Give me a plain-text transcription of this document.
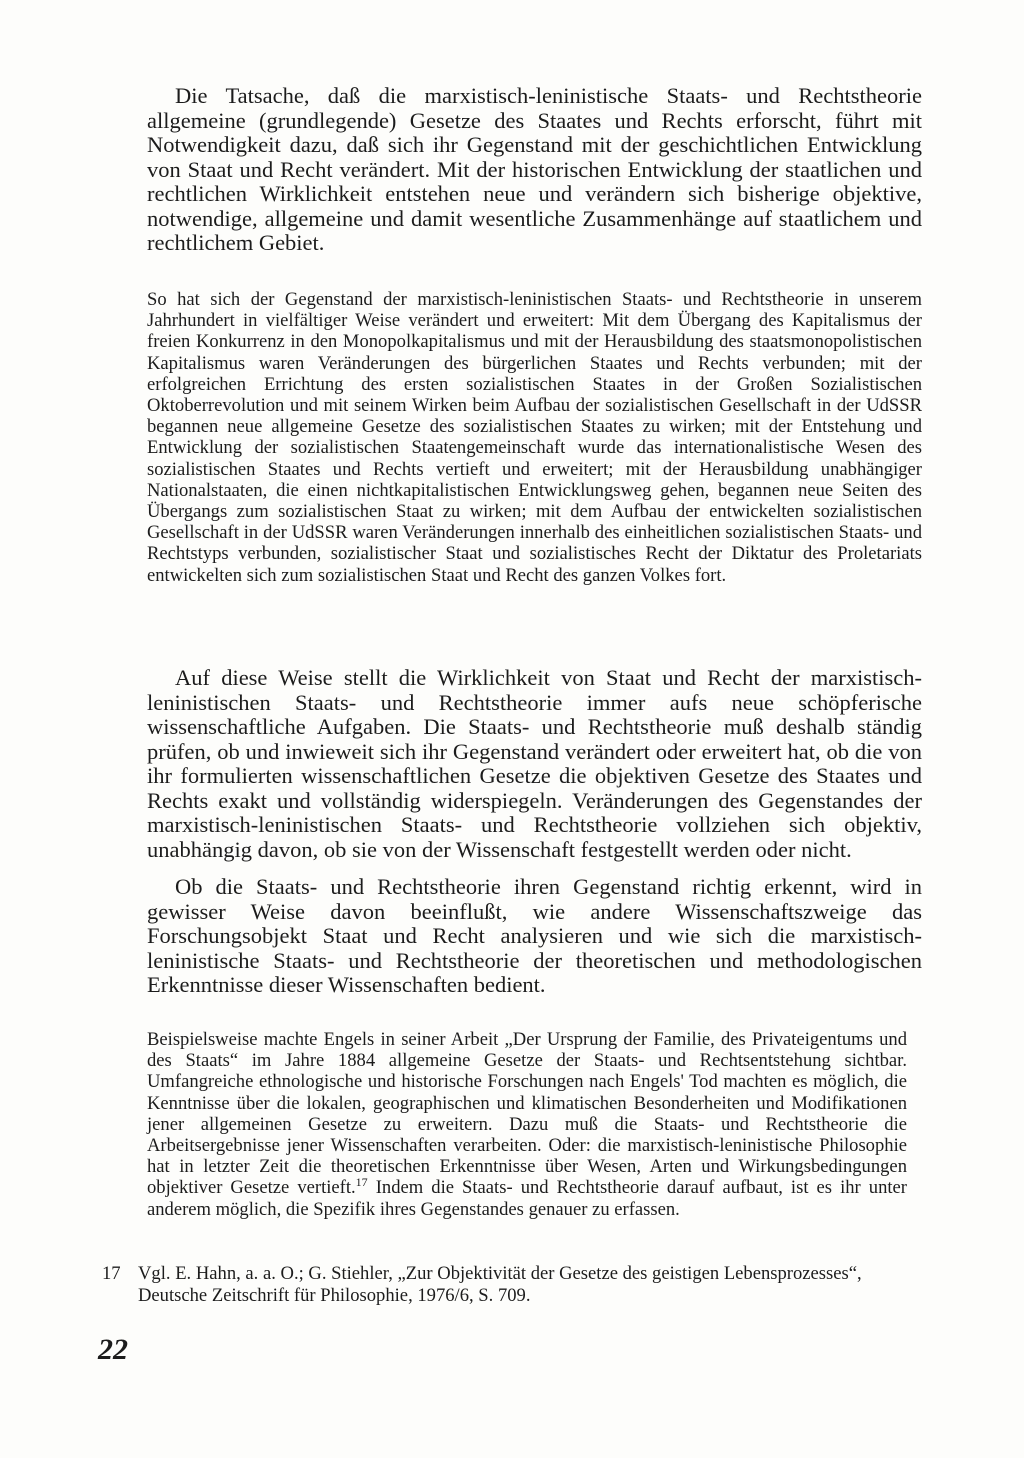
Die Tatsache, daß die marxistisch-leninistische Staats- und Rechtstheorie allgemeine (grundlegende) Gesetze des Staates und Rechts erforscht, führt mit Notwendigkeit dazu, daß sich ihr Gegenstand mit der geschichtlichen Entwicklung von Staat und Recht verändert. Mit der historischen Entwicklung der staatlichen und rechtlichen Wirklichkeit entstehen neue und verändern sich bisherige objektive, notwendige, allgemeine und damit wesentliche Zusammenhänge auf staatlichem und rechtlichem Gebiet.

So hat sich der Gegenstand der marxistisch-leninistischen Staats- und Rechtstheorie in unserem Jahrhundert in vielfältiger Weise verändert und erweitert: Mit dem Übergang des Kapitalismus der freien Konkurrenz in den Monopolkapitalismus und mit der Herausbildung des staatsmonopolistischen Kapitalismus waren Veränderungen des bürgerlichen Staates und Rechts verbunden; mit der erfolgreichen Errichtung des ersten sozialistischen Staates in der Großen Sozialistischen Oktoberrevolution und mit seinem Wirken beim Aufbau der sozialistischen Gesellschaft in der UdSSR begannen neue allgemeine Gesetze des sozialistischen Staates zu wirken; mit der Entstehung und Entwicklung der sozialistischen Staatengemeinschaft wurde das internationalistische Wesen des sozialistischen Staates und Rechts vertieft und erweitert; mit der Herausbildung unabhängiger Nationalstaaten, die einen nichtkapitalistischen Entwicklungsweg gehen, begannen neue Seiten des Übergangs zum sozialistischen Staat zu wirken; mit dem Aufbau der entwickelten sozialistischen Gesellschaft in der UdSSR waren Veränderungen innerhalb des einheitlichen sozialistischen Staats- und Rechtstyps verbunden, sozialistischer Staat und sozialistisches Recht der Diktatur des Proletariats entwickelten sich zum sozialistischen Staat und Recht des ganzen Volkes fort.

Auf diese Weise stellt die Wirklichkeit von Staat und Recht der marxistisch-leninistischen Staats- und Rechtstheorie immer aufs neue schöpferische wissenschaftliche Aufgaben. Die Staats- und Rechtstheorie muß deshalb ständig prüfen, ob und inwieweit sich ihr Gegenstand verändert oder erweitert hat, ob die von ihr formulierten wissenschaftlichen Gesetze die objektiven Gesetze des Staates und Rechts exakt und vollständig widerspiegeln. Veränderungen des Gegenstandes der marxistisch-leninistischen Staats- und Rechtstheorie vollziehen sich objektiv, unabhängig davon, ob sie von der Wissenschaft festgestellt werden oder nicht.

Ob die Staats- und Rechtstheorie ihren Gegenstand richtig erkennt, wird in gewisser Weise davon beeinflußt, wie andere Wissenschaftszweige das Forschungsobjekt Staat und Recht analysieren und wie sich die marxistisch-leninistische Staats- und Rechtstheorie der theoretischen und methodologischen Erkenntnisse dieser Wissenschaften bedient.

Beispielsweise machte Engels in seiner Arbeit „Der Ursprung der Familie, des Privateigentums und des Staats“ im Jahre 1884 allgemeine Gesetze der Staats- und Rechtsentstehung sichtbar. Umfangreiche ethnologische und historische Forschungen nach Engels' Tod machten es möglich, die Kenntnisse über die lokalen, geographischen und klimatischen Besonderheiten und Modifikationen jener allgemeinen Gesetze zu erweitern. Dazu muß die Staats- und Rechtstheorie die Arbeitsergebnisse jener Wissenschaften verarbeiten. Oder: die marxistisch-leninistische Philosophie hat in letzter Zeit die theoretischen Erkenntnisse über Wesen, Arten und Wirkungsbedingungen objektiver Gesetze vertieft.$^{17}$ Indem die Staats- und Rechtstheorie darauf aufbaut, ist es ihr unter anderem möglich, die Spezifik ihres Gegenstandes genauer zu erfassen.

17 Vgl. E. Hahn, a. a. O.; G. Stiehler, „Zur Objektivität der Gesetze des geistigen Lebensprozesses“, Deutsche Zeitschrift für Philosophie, 1976/6, S. 709.
22
